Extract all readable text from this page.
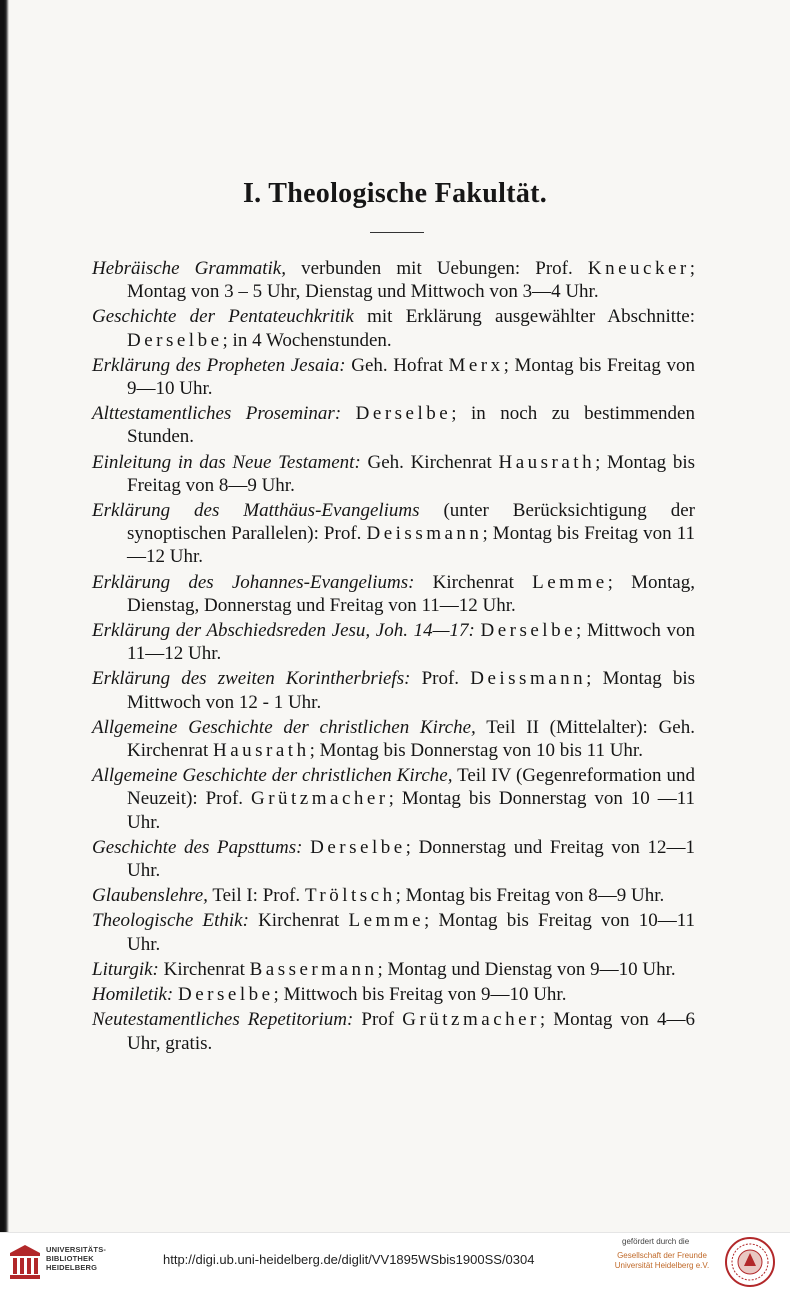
I. Theologische Fakultät.
Hebräische Grammatik, verbunden mit Uebungen: Prof. Kneucker; Montag von 3 – 5 Uhr, Dienstag und Mittwoch von 3—4 Uhr.
Geschichte der Pentateuchkritik mit Erklärung ausgewählter Abschnitte: Derselbe; in 4 Wochenstunden.
Erklärung des Propheten Jesaia: Geh. Hofrat Merx; Montag bis Freitag von 9—10 Uhr.
Alttestamentliches Proseminar: Derselbe; in noch zu bestimmenden Stunden.
Einleitung in das Neue Testament: Geh. Kirchenrat Hausrath; Montag bis Freitag von 8—9 Uhr.
Erklärung des Matthäus-Evangeliums (unter Berücksichtigung der synoptischen Parallelen): Prof. Deissmann; Montag bis Freitag von 11—12 Uhr.
Erklärung des Johannes-Evangeliums: Kirchenrat Lemme; Montag, Dienstag, Donnerstag und Freitag von 11—12 Uhr.
Erklärung der Abschiedsreden Jesu, Joh. 14—17: Derselbe; Mittwoch von 11—12 Uhr.
Erklärung des zweiten Korintherbriefs: Prof. Deissmann; Montag bis Mittwoch von 12 - 1 Uhr.
Allgemeine Geschichte der christlichen Kirche, Teil II (Mittelalter): Geh. Kirchenrat Hausrath; Montag bis Donnerstag von 10 bis 11 Uhr.
Allgemeine Geschichte der christlichen Kirche, Teil IV (Gegenreformation und Neuzeit): Prof. Grützmacher; Montag bis Donnerstag von 10 —11 Uhr.
Geschichte des Papsttums: Derselbe; Donnerstag und Freitag von 12—1 Uhr.
Glaubenslehre, Teil I: Prof. Tröltsch; Montag bis Freitag von 8—9 Uhr.
Theologische Ethik: Kirchenrat Lemme; Montag bis Freitag von 10—11 Uhr.
Liturgik: Kirchenrat Bassermann; Montag und Dienstag von 9—10 Uhr.
Homiletik: Derselbe; Mittwoch bis Freitag von 9—10 Uhr.
Neutestamentliches Repetitorium: Prof Grützmacher; Montag von 4—6 Uhr, gratis.
UNIVERSITÄTS-
BIBLIOTHEK
HEIDELBERG
http://digi.ub.uni-heidelberg.de/diglit/VV1895WSbis1900SS/0304
gefördert durch die
Gesellschaft der Freunde
Universität Heidelberg e.V.
